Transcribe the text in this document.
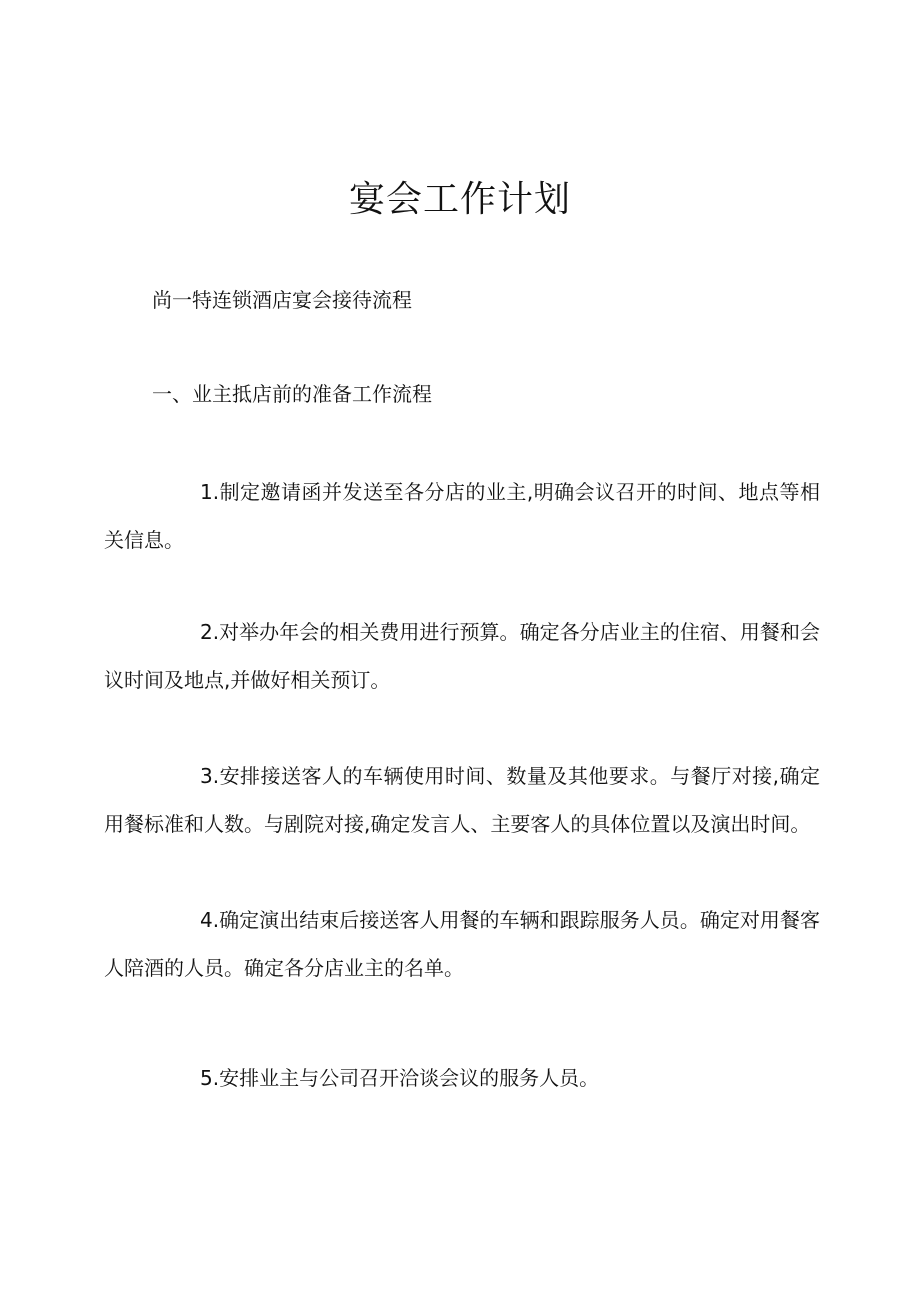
宴会工作计划

尚一特连锁酒店宴会接待流程

一、业主抵店前的准备工作流程

1.制定邀请函并发送至各分店的业主,明确会议召开的时间、地点等相关信息。

2.对举办年会的相关费用进行预算。确定各分店业主的住宿、用餐和会议时间及地点,并做好相关预订。

3.安排接送客人的车辆使用时间、数量及其他要求。与餐厅对接,确定用餐标准和人数。与剧院对接,确定发言人、主要客人的具体位置以及演出时间。

4.确定演出结束后接送客人用餐的车辆和跟踪服务人员。确定对用餐客人陪酒的人员。确定各分店业主的名单。

5.安排业主与公司召开洽谈会议的服务人员。
